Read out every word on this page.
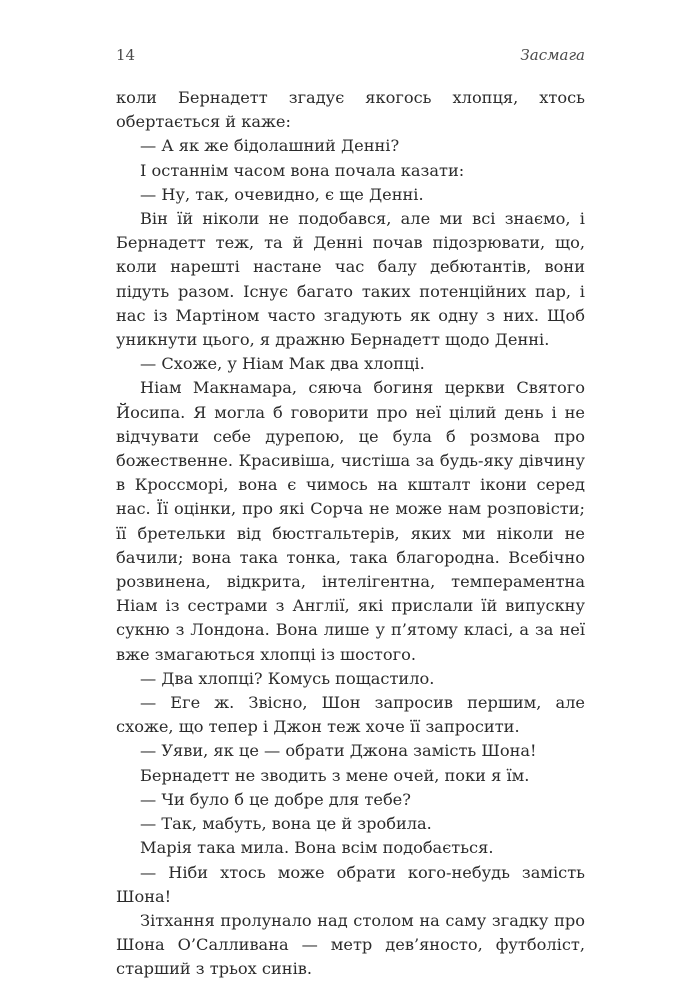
14	Засмага

коли Бернадетт згадує якогось хлопця, хтось обертається й каже:

— А як же бідолашний Денні?

І останнім часом вона почала казати:

— Ну, так, очевидно, є ще Денні.

Він їй ніколи не подобався, але ми всі знаємо, і Бернадетт теж, та й Денні почав підозрювати, що, коли нарешті настане час балу дебютантів, вони підуть разом. Існує багато таких потенційних пар, і нас із Мартіном часто згадують як одну з них. Щоб уникнути цього, я дражню Бернадетт щодо Денні.

— Схоже, у Ніам Мак два хлопці.

Ніам Макнамара, сяюча богиня церкви Святого Йосипа. Я могла б говорити про неї цілий день і не відчувати себе дурепою, це була б розмова про божественне. Красивіша, чистіша за будь-яку дівчину в Кроссморі, вона є чимось на кшталт ікони серед нас. Її оцінки, про які Сорча не може нам розповісти; її бретельки від бюстгальтерів, яких ми ніколи не бачили; вона така тонка, така благородна. Всебічно розвинена, відкрита, інтелігентна, темпераментна Ніам із сестрами з Англії, які прислали їй випускну сукню з Лондона. Вона лише у п’ятому класі, а за неї вже змагаються хлопці із шостого.

— Два хлопці? Комусь пощастило.

— Еге ж. Звісно, Шон запросив першим, але схоже, що тепер і Джон теж хоче її запросити.

— Уяви, як це — обрати Джона замість Шона!

Бернадетт не зводить з мене очей, поки я їм.

— Чи було б це добре для тебе?

— Так, мабуть, вона це й зробила.

Марія така мила. Вона всім подобається.

— Ніби хтось може обрати кого-небудь замість Шона!

Зітхання пролунало над столом на саму згадку про Шона О’Салливана — метр дев’яносто, футболіст, старший з трьох синів.
